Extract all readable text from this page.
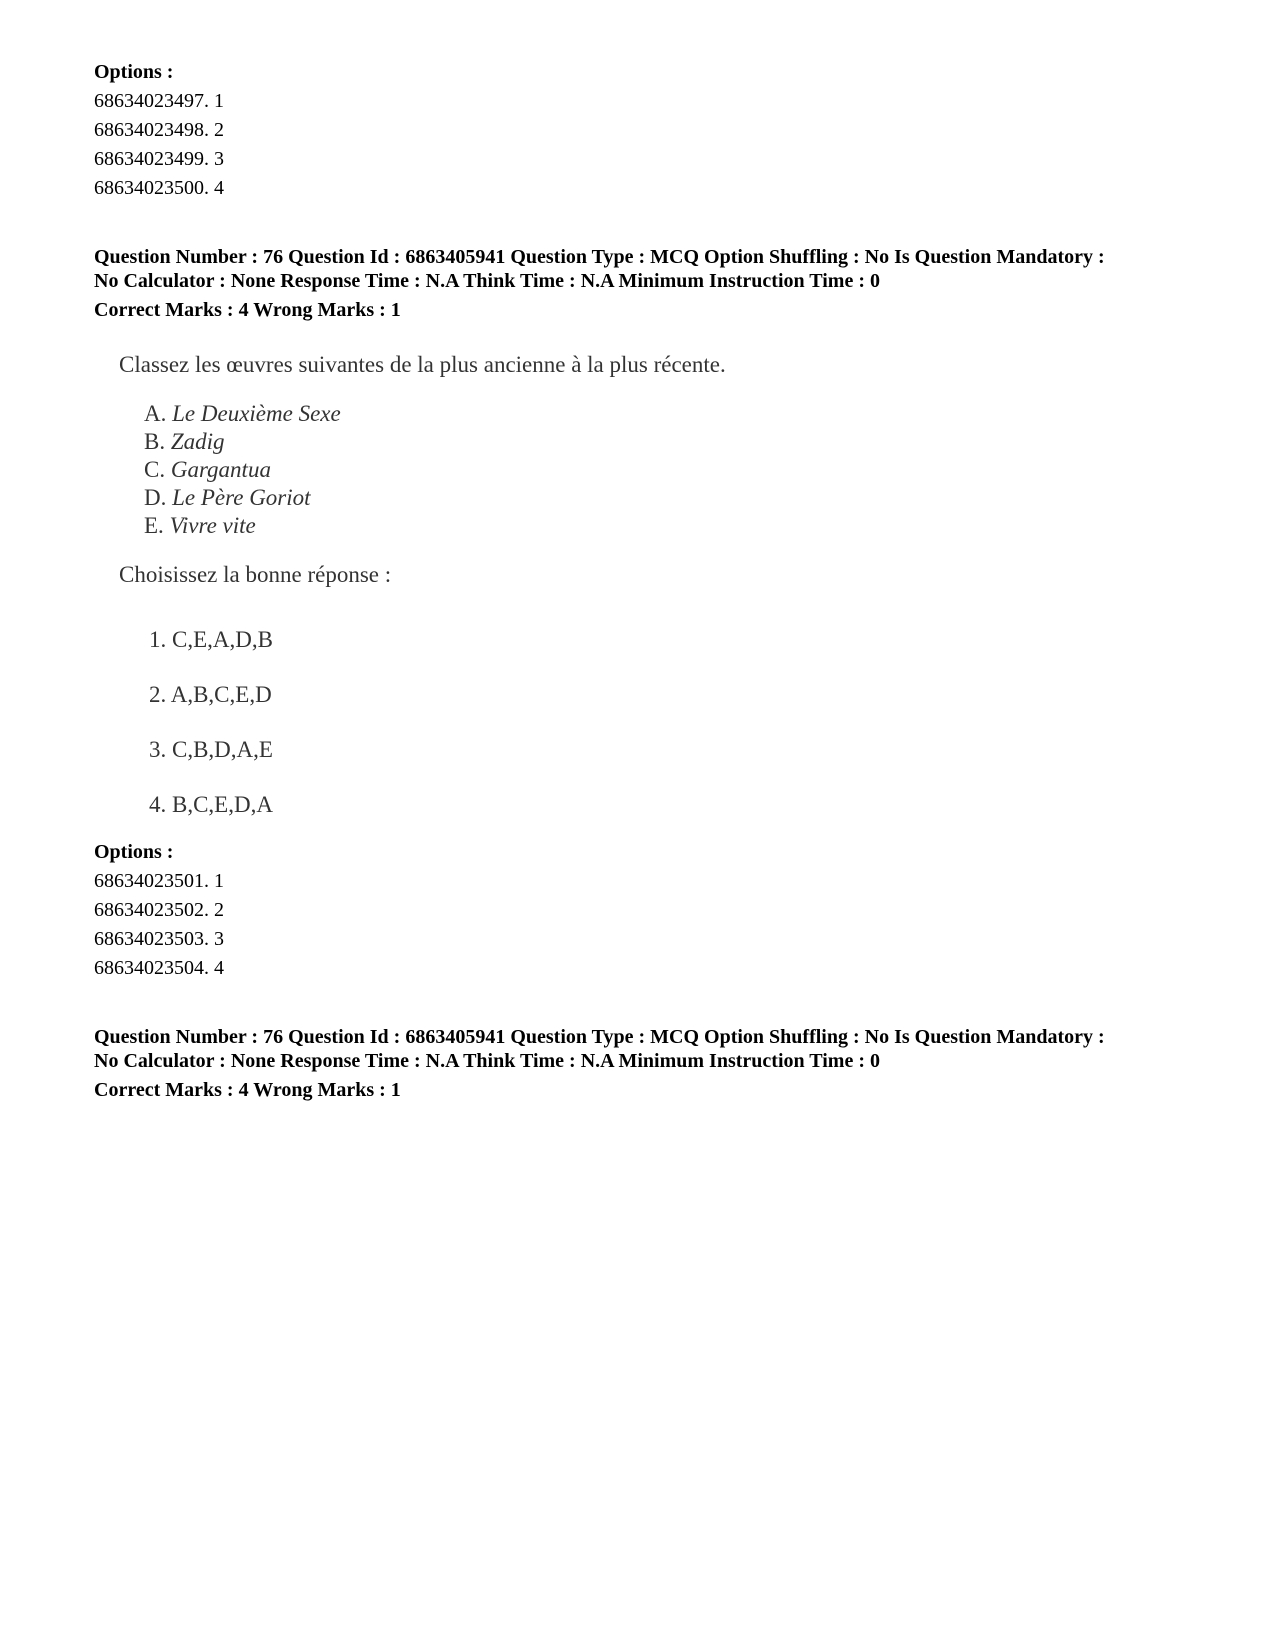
Options :
68634023497. 1
68634023498. 2
68634023499. 3
68634023500. 4
Question Number : 76 Question Id : 6863405941 Question Type : MCQ Option Shuffling : No Is Question Mandatory :
No Calculator : None Response Time : N.A Think Time : N.A Minimum Instruction Time : 0
Correct Marks : 4 Wrong Marks : 1
Classez les œuvres suivantes de la plus ancienne à la plus récente.
A. Le Deuxième Sexe
B. Zadig
C. Gargantua
D. Le Père Goriot
E. Vivre vite
Choisissez la bonne réponse :
1. C,E,A,D,B
2. A,B,C,E,D
3. C,B,D,A,E
4. B,C,E,D,A
Options :
68634023501. 1
68634023502. 2
68634023503. 3
68634023504. 4
Question Number : 76 Question Id : 6863405941 Question Type : MCQ Option Shuffling : No Is Question Mandatory :
No Calculator : None Response Time : N.A Think Time : N.A Minimum Instruction Time : 0
Correct Marks : 4 Wrong Marks : 1
